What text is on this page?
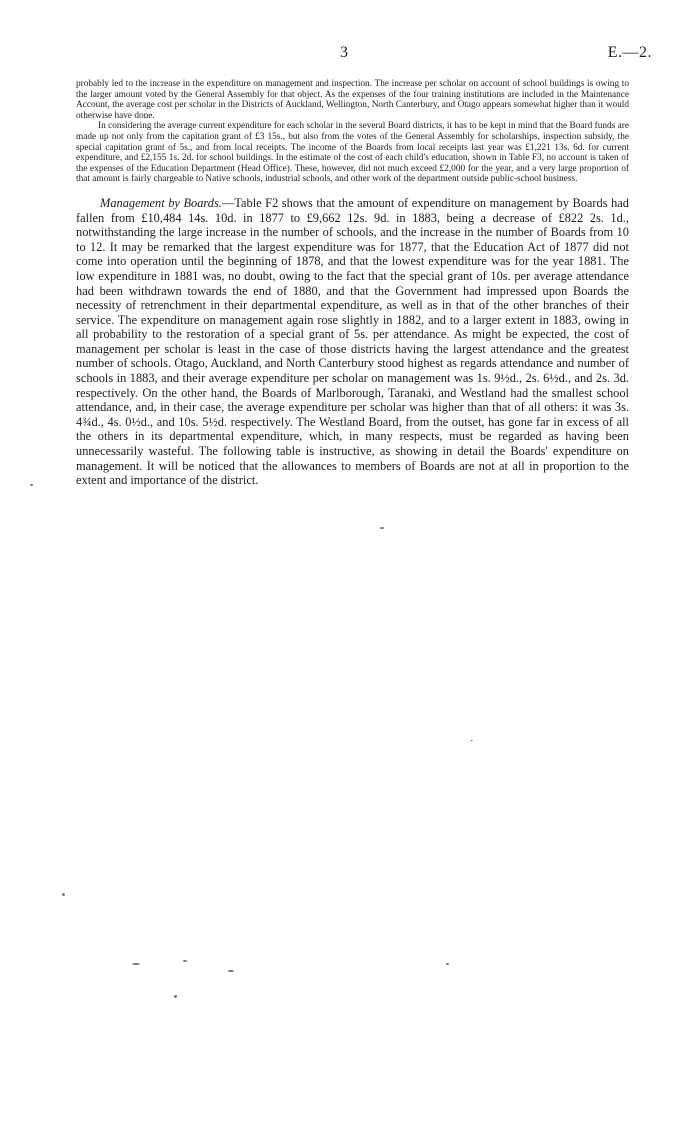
3	E.—2.

probably led to the increase in the expenditure on management and inspection. The increase per scholar on account of school buildings is owing to the larger amount voted by the General Assembly for that object. As the expenses of the four training institutions are included in the Maintenance Account, the average cost per scholar in the Districts of Auckland, Wellington, North Canterbury, and Otago appears somewhat higher than it would otherwise have done.

In considering the average current expenditure for each scholar in the several Board districts, it has to be kept in mind that the Board funds are made up not only from the capitation grant of £3 15s., but also from the votes of the General Assembly for scholarships, inspection subsidy, the special capitation grant of 5s., and from local receipts. The income of the Boards from local receipts last year was £1,221 13s. 6d. for current expenditure, and £2,155 1s. 2d. for school buildings. In the estimate of the cost of each child's education, shown in Table F3, no account is taken of the expenses of the Education Department (Head Office). These, however, did not much exceed £2,000 for the year, and a very large proportion of that amount is fairly chargeable to Native schools, industrial schools, and other work of the department outside public-school business.

Management by Boards.—Table F2 shows that the amount of expenditure on management by Boards had fallen from £10,484 14s. 10d. in 1877 to £9,662 12s. 9d. in 1883, being a decrease of £822 2s. 1d., notwithstanding the large increase in the number of schools, and the increase in the number of Boards from 10 to 12. It may be remarked that the largest expenditure was for 1877, that the Education Act of 1877 did not come into operation until the beginning of 1878, and that the lowest expenditure was for the year 1881. The low expenditure in 1881 was, no doubt, owing to the fact that the special grant of 10s. per average attendance had been withdrawn towards the end of 1880, and that the Government had impressed upon Boards the necessity of retrenchment in their departmental expenditure, as well as in that of the other branches of their service. The expenditure on management again rose slightly in 1882, and to a larger extent in 1883, owing in all probability to the restoration of a special grant of 5s. per attendance. As might be expected, the cost of management per scholar is least in the case of those districts having the largest attendance and the greatest number of schools. Otago, Auckland, and North Canterbury stood highest as regards attendance and number of schools in 1883, and their average expenditure per scholar on management was 1s. 9½d., 2s. 6½d., and 2s. 3d. respectively. On the other hand, the Boards of Marlborough, Taranaki, and Westland had the smallest school attendance, and, in their case, the average expenditure per scholar was higher than that of all others: it was 3s. 4¾d., 4s. 0½d., and 10s. 5½d. respectively. The Westland Board, from the outset, has gone far in excess of all the others in its departmental expenditure, which, in many respects, must be regarded as having been unnecessarily wasteful. The following table is instructive, as showing in detail the Boards' expenditure on management. It will be noticed that the allowances to members of Boards are not at all in proportion to the extent and importance of the district.
